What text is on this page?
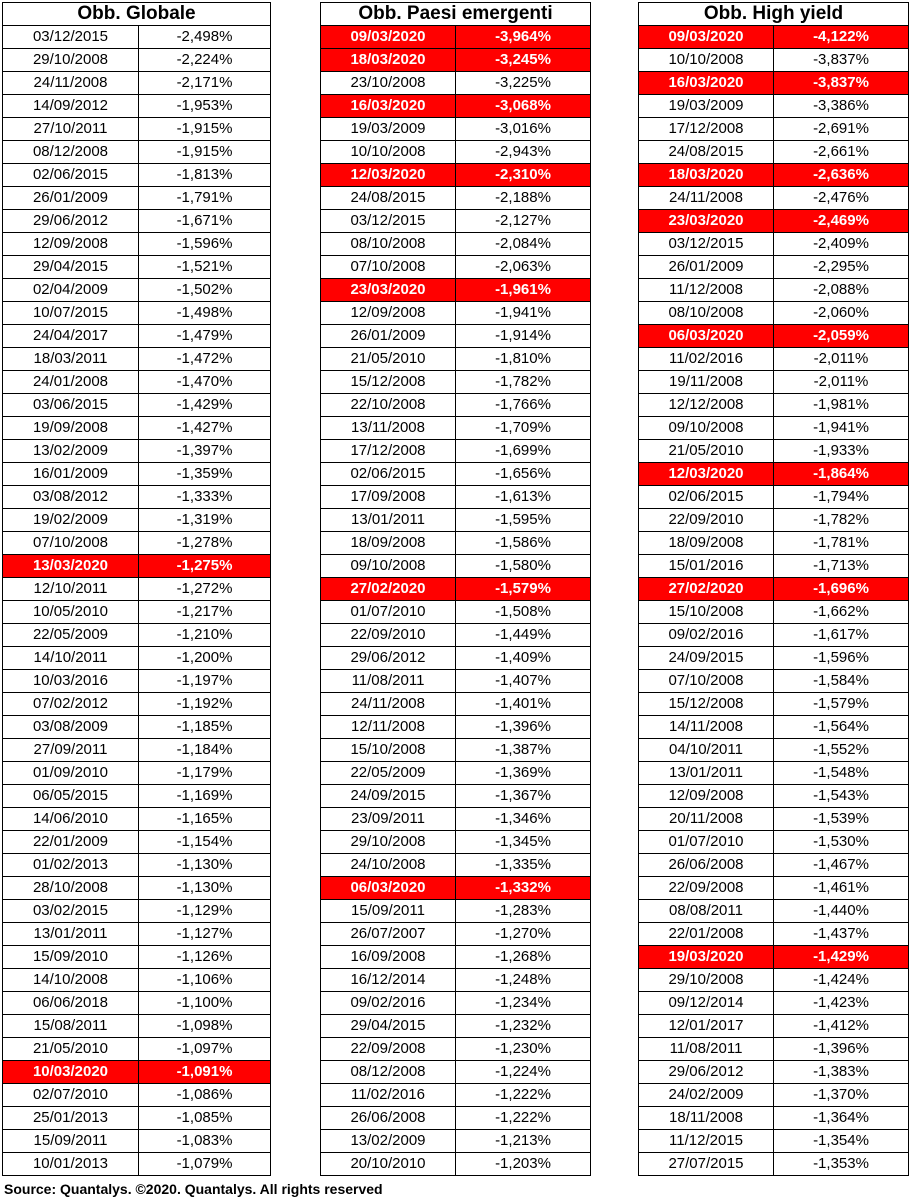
Obb. Globale	
03/12/2015	-2,498%
29/10/2008	-2,224%
24/11/2008	-2,171%
14/09/2012	-1,953%
27/10/2011	-1,915%
08/12/2008	-1,915%
02/06/2015	-1,813%
26/01/2009	-1,791%
29/06/2012	-1,671%
12/09/2008	-1,596%
29/04/2015	-1,521%
02/04/2009	-1,502%
10/07/2015	-1,498%
24/04/2017	-1,479%
18/03/2011	-1,472%
24/01/2008	-1,470%
03/06/2015	-1,429%
19/09/2008	-1,427%
13/02/2009	-1,397%
16/01/2009	-1,359%
03/08/2012	-1,333%
19/02/2009	-1,319%
07/10/2008	-1,278%
13/03/2020	-1,275%
12/10/2011	-1,272%
10/05/2010	-1,217%
22/05/2009	-1,210%
14/10/2011	-1,200%
10/03/2016	-1,197%
07/02/2012	-1,192%
03/08/2009	-1,185%
27/09/2011	-1,184%
01/09/2010	-1,179%
06/05/2015	-1,169%
14/06/2010	-1,165%
22/01/2009	-1,154%
01/02/2013	-1,130%
28/10/2008	-1,130%
03/02/2015	-1,129%
13/01/2011	-1,127%
15/09/2010	-1,126%
14/10/2008	-1,106%
06/06/2018	-1,100%
15/08/2011	-1,098%
21/05/2010	-1,097%
10/03/2020	-1,091%
02/07/2010	-1,086%
25/01/2013	-1,085%
15/09/2011	-1,083%
10/01/2013	-1,079%
Obb. Paesi emergenti	
09/03/2020	-3,964%
18/03/2020	-3,245%
23/10/2008	-3,225%
16/03/2020	-3,068%
19/03/2009	-3,016%
10/10/2008	-2,943%
12/03/2020	-2,310%
24/08/2015	-2,188%
03/12/2015	-2,127%
08/10/2008	-2,084%
07/10/2008	-2,063%
23/03/2020	-1,961%
12/09/2008	-1,941%
26/01/2009	-1,914%
21/05/2010	-1,810%
15/12/2008	-1,782%
22/10/2008	-1,766%
13/11/2008	-1,709%
17/12/2008	-1,699%
02/06/2015	-1,656%
17/09/2008	-1,613%
13/01/2011	-1,595%
18/09/2008	-1,586%
09/10/2008	-1,580%
27/02/2020	-1,579%
01/07/2010	-1,508%
22/09/2010	-1,449%
29/06/2012	-1,409%
11/08/2011	-1,407%
24/11/2008	-1,401%
12/11/2008	-1,396%
15/10/2008	-1,387%
22/05/2009	-1,369%
24/09/2015	-1,367%
23/09/2011	-1,346%
29/10/2008	-1,345%
24/10/2008	-1,335%
06/03/2020	-1,332%
15/09/2011	-1,283%
26/07/2007	-1,270%
16/09/2008	-1,268%
16/12/2014	-1,248%
09/02/2016	-1,234%
29/04/2015	-1,232%
22/09/2008	-1,230%
08/12/2008	-1,224%
11/02/2016	-1,222%
26/06/2008	-1,222%
13/02/2009	-1,213%
20/10/2010	-1,203%
Obb. High yield	
09/03/2020	-4,122%
10/10/2008	-3,837%
16/03/2020	-3,837%
19/03/2009	-3,386%
17/12/2008	-2,691%
24/08/2015	-2,661%
18/03/2020	-2,636%
24/11/2008	-2,476%
23/03/2020	-2,469%
03/12/2015	-2,409%
26/01/2009	-2,295%
11/12/2008	-2,088%
08/10/2008	-2,060%
06/03/2020	-2,059%
11/02/2016	-2,011%
19/11/2008	-2,011%
12/12/2008	-1,981%
09/10/2008	-1,941%
21/05/2010	-1,933%
12/03/2020	-1,864%
02/06/2015	-1,794%
22/09/2010	-1,782%
18/09/2008	-1,781%
15/01/2016	-1,713%
27/02/2020	-1,696%
15/10/2008	-1,662%
09/02/2016	-1,617%
24/09/2015	-1,596%
07/10/2008	-1,584%
15/12/2008	-1,579%
14/11/2008	-1,564%
04/10/2011	-1,552%
13/01/2011	-1,548%
12/09/2008	-1,543%
20/11/2008	-1,539%
01/07/2010	-1,530%
26/06/2008	-1,467%
22/09/2008	-1,461%
08/08/2011	-1,440%
22/01/2008	-1,437%
19/03/2020	-1,429%
29/10/2008	-1,424%
09/12/2014	-1,423%
12/01/2017	-1,412%
11/08/2011	-1,396%
29/06/2012	-1,383%
24/02/2009	-1,370%
18/11/2008	-1,364%
11/12/2015	-1,354%
27/07/2015	-1,353%
Source: Quantalys. ©2020. Quantalys. All rights reserved
